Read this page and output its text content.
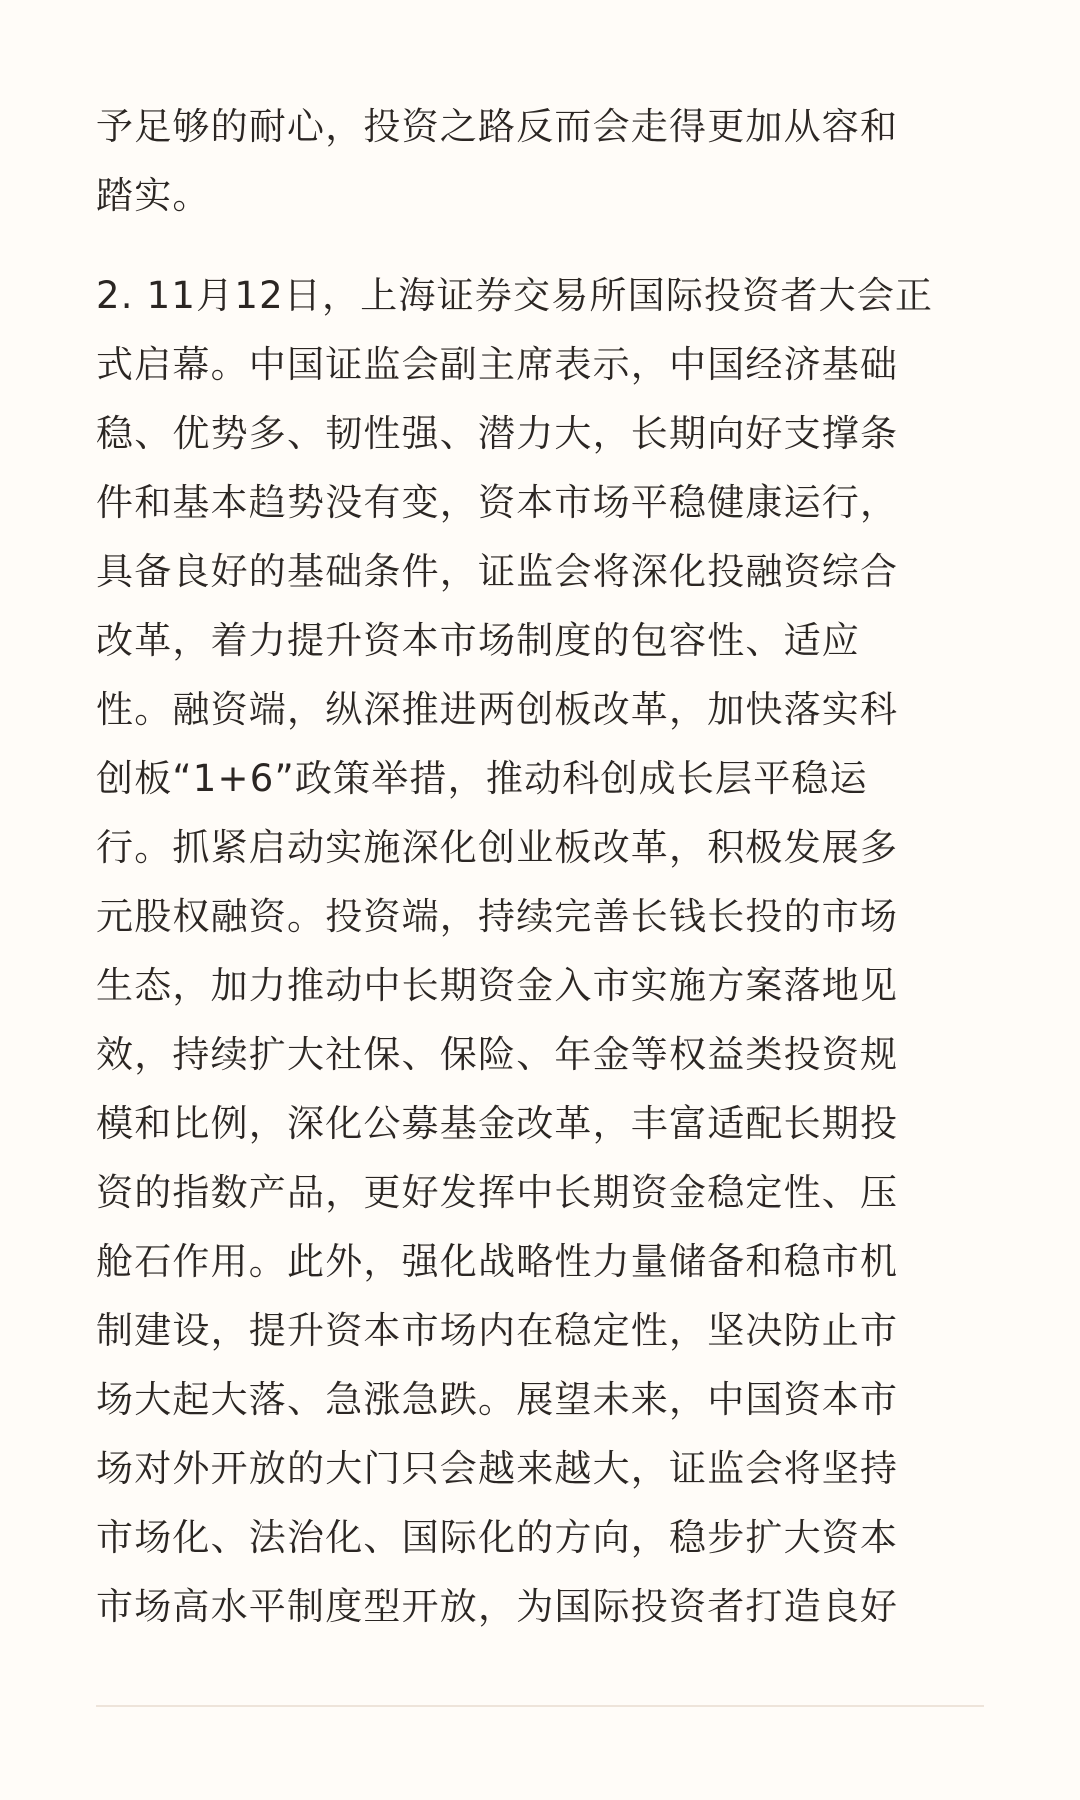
予足够的耐心，投资之路反而会走得更加从容和
踏实。
2. 11月12日，上海证券交易所国际投资者大会正
式启幕。中国证监会副主席表示，中国经济基础
稳、优势多、韧性强、潜力大，长期向好支撑条
件和基本趋势没有变，资本市场平稳健康运行，
具备良好的基础条件，证监会将深化投融资综合
改革，着力提升资本市场制度的包容性、适应
性。融资端，纵深推进两创板改革，加快落实科
创板“1+6”政策举措，推动科创成长层平稳运
行。抓紧启动实施深化创业板改革，积极发展多
元股权融资。投资端，持续完善长钱长投的市场
生态，加力推动中长期资金入市实施方案落地见
效，持续扩大社保、保险、年金等权益类投资规
模和比例，深化公募基金改革，丰富适配长期投
资的指数产品，更好发挥中长期资金稳定性、压
舱石作用。此外，强化战略性力量储备和稳市机
制建设，提升资本市场内在稳定性，坚决防止市
场大起大落、急涨急跌。展望未来，中国资本市
场对外开放的大门只会越来越大，证监会将坚持
市场化、法治化、国际化的方向，稳步扩大资本
市场高水平制度型开放，为国际投资者打造良好
